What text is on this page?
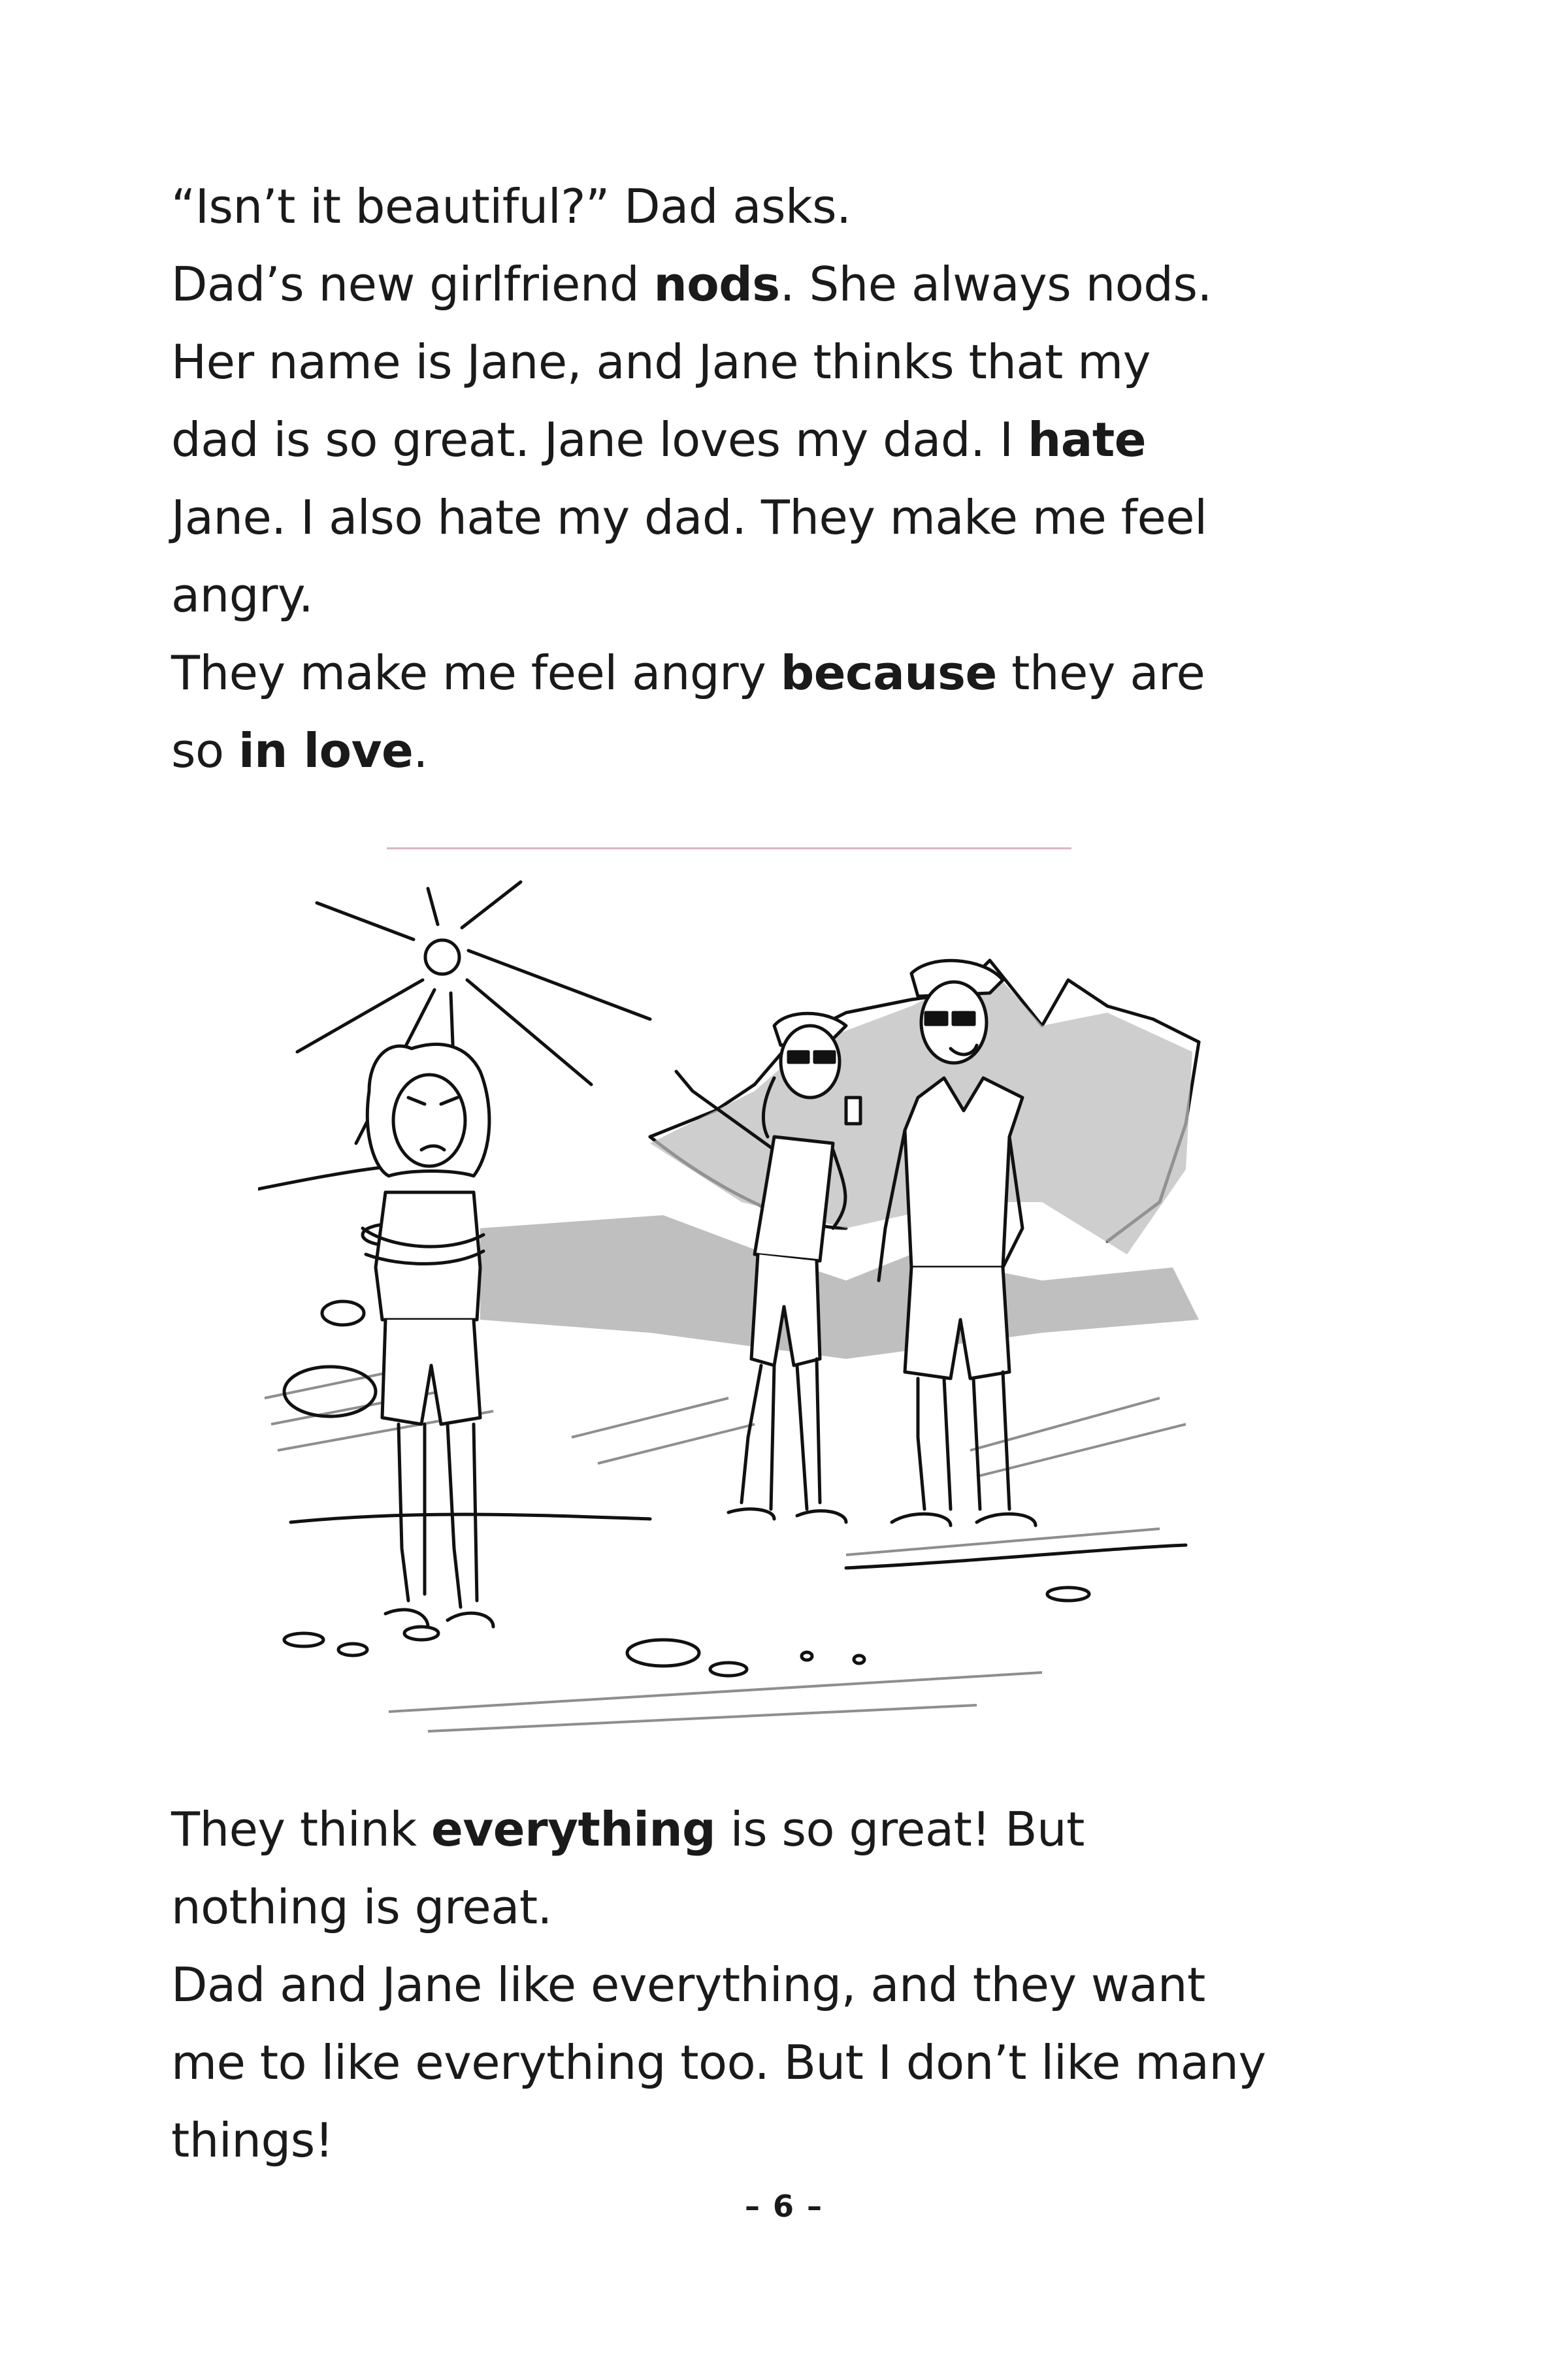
“Isn’t it beautiful?” Dad asks.

Dad’s new girlfriend nods. She always nods.

Her name is Jane, and Jane thinks that my

dad is so great. Jane loves my dad. I hate

Jane. I also hate my dad. They make me feel

angry.

They make me feel angry because they are

so in love.

They think everything is so great! But

nothing is great.

Dad and Jane like everything, and they want

me to like everything too. But I don’t like many

things!

– 6 –
